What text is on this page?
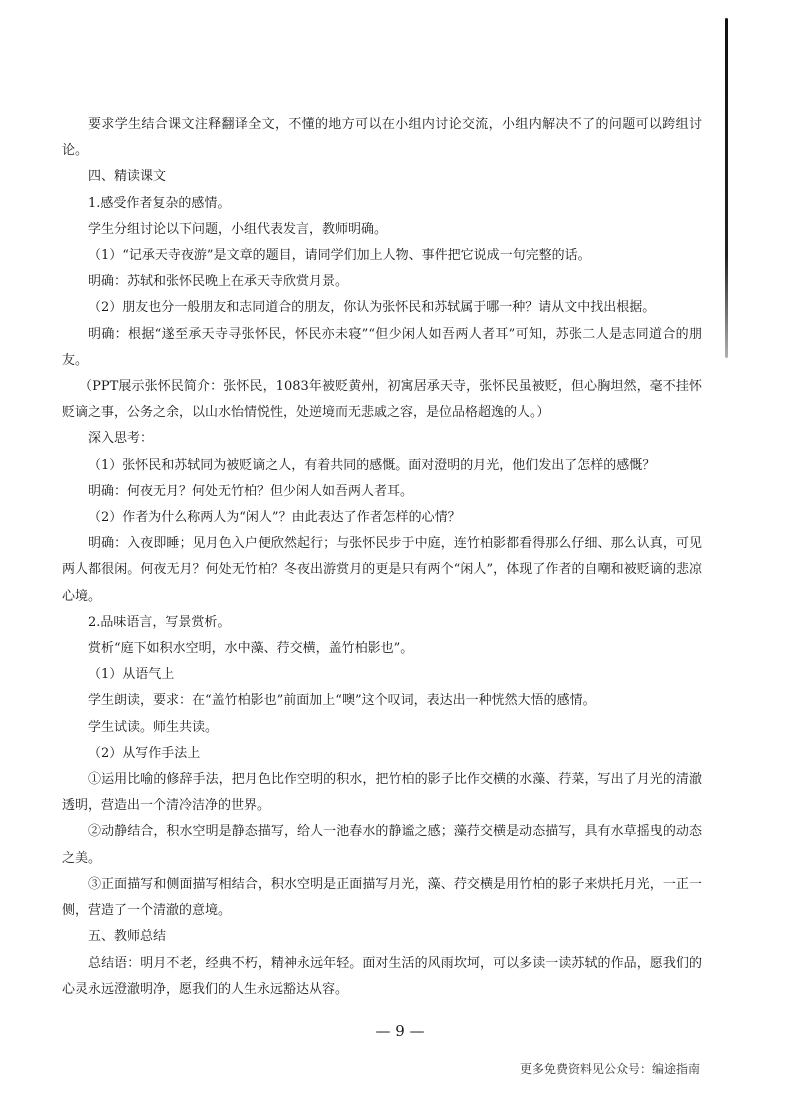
要求学生结合课文注释翻译全文，不懂的地方可以在小组内讨论交流，小组内解决不了的问题可以跨组讨论。

四、精读课文

1.感受作者复杂的感情。

学生分组讨论以下问题，小组代表发言，教师明确。

（1）“记承天寺夜游”是文章的题目，请同学们加上人物、事件把它说成一句完整的话。

明确：苏轼和张怀民晚上在承天寺欣赏月景。

（2）朋友也分一般朋友和志同道合的朋友，你认为张怀民和苏轼属于哪一种？请从文中找出根据。

明确：根据“遂至承天寺寻张怀民，怀民亦未寝”“但少闲人如吾两人者耳”可知，苏张二人是志同道合的朋友。

（PPT展示张怀民简介：张怀民，1083年被贬黄州，初寓居承天寺，张怀民虽被贬，但心胸坦然，毫不挂怀贬谪之事，公务之余，以山水怡情悦性，处逆境而无悲戚之容，是位品格超逸的人。）

深入思考：

（1）张怀民和苏轼同为被贬谪之人，有着共同的感慨。面对澄明的月光，他们发出了怎样的感慨？

明确：何夜无月？何处无竹柏？但少闲人如吾两人者耳。

（2）作者为什么称两人为“闲人”？由此表达了作者怎样的心情？

明确：入夜即睡；见月色入户便欣然起行；与张怀民步于中庭，连竹柏影都看得那么仔细、那么认真，可见两人都很闲。何夜无月？何处无竹柏？冬夜出游赏月的更是只有两个“闲人”，体现了作者的自嘲和被贬谪的悲凉心境。

2.品味语言，写景赏析。

赏析“庭下如积水空明，水中藻、荇交横，盖竹柏影也”。

（1）从语气上

学生朗读，要求：在“盖竹柏影也”前面加上“噢”这个叹词，表达出一种恍然大悟的感情。

学生试读。师生共读。

（2）从写作手法上

①运用比喻的修辞手法，把月色比作空明的积水，把竹柏的影子比作交横的水藻、荇菜，写出了月光的清澈透明，营造出一个清冷洁净的世界。

②动静结合，积水空明是静态描写，给人一池春水的静谧之感；藻荇交横是动态描写，具有水草摇曳的动态之美。

③正面描写和侧面描写相结合，积水空明是正面描写月光，藻、荇交横是用竹柏的影子来烘托月光，一正一侧，营造了一个清澈的意境。

五、教师总结

总结语：明月不老，经典不朽，精神永远年轻。面对生活的风雨坎坷，可以多读一读苏轼的作品，愿我们的心灵永远澄澈明净，愿我们的人生永远豁达从容。

— 9 —
更多免费资料见公众号：编途指南
